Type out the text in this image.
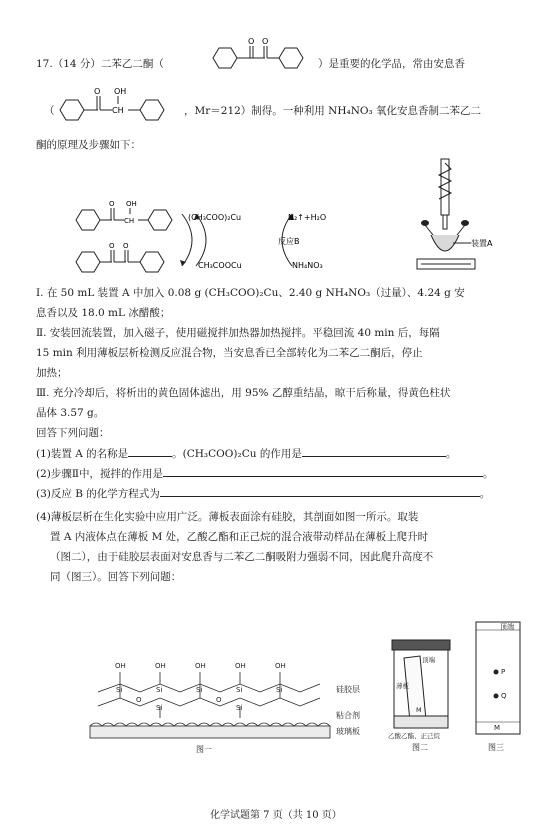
17.（14 分）二苯乙二酮（
O O
）是重要的化学品，常由安息香
（
O
CH
OH
，Mr＝212）制得。一种利用 NH₄NO₃ 氧化安息香制二苯乙二
酮的原理及步骤如下：
O
CH
OH
O O
(CH₃COO)₂Cu
CH₃COOCu
N₂↑+H₂O
反应B
NH₄NO₃
装置A
Ⅰ. 在 50 mL 装置 A 中加入 0.08 g (CH₃COO)₂Cu、2.40 g NH₄NO₃（过量）、4.24 g 安
息香以及 18.0 mL 冰醋酸；
Ⅱ. 安装回流装置，加入磁子，使用磁搅拌加热器加热搅拌。平稳回流 40 min 后，每隔
15 min 利用薄板层析检测反应混合物，当安息香已全部转化为二苯乙二酮后，停止
加热；
Ⅲ. 充分冷却后，将析出的黄色固体滤出，用 95% 乙醇重结晶，晾干后称量，得黄色柱状
晶体 3.57 g。
回答下列问题：
(1)装置 A 的名称是	。(CH₃COO)₂Cu 的作用是	。
(2)步骤Ⅱ中，搅拌的作用是	。
(3)反应 B 的化学方程式为	。
(4)薄板层析在生化实验中应用广泛。薄板表面涂有硅胶，其剖面如图一所示。取装
置 A 内液体点在薄板 M 处，乙酸乙酯和正己烷的混合液带动样品在薄板上爬升时
（图二），由于硅胶层表面对安息香与二苯乙二酮吸附力强弱不同，因此爬升高度不
同（图三）。回答下列问题：
OH	OH	OH	OH	OH
Si	Si	Si	Si	Si
O	O
Si	Si
硅胶层
粘合剂
玻璃板
图一
顶端
薄板
M
乙酸乙酯、正己烷
图二
顶端
P
Q
M
图三
化学试题第 7 页（共 10 页）
